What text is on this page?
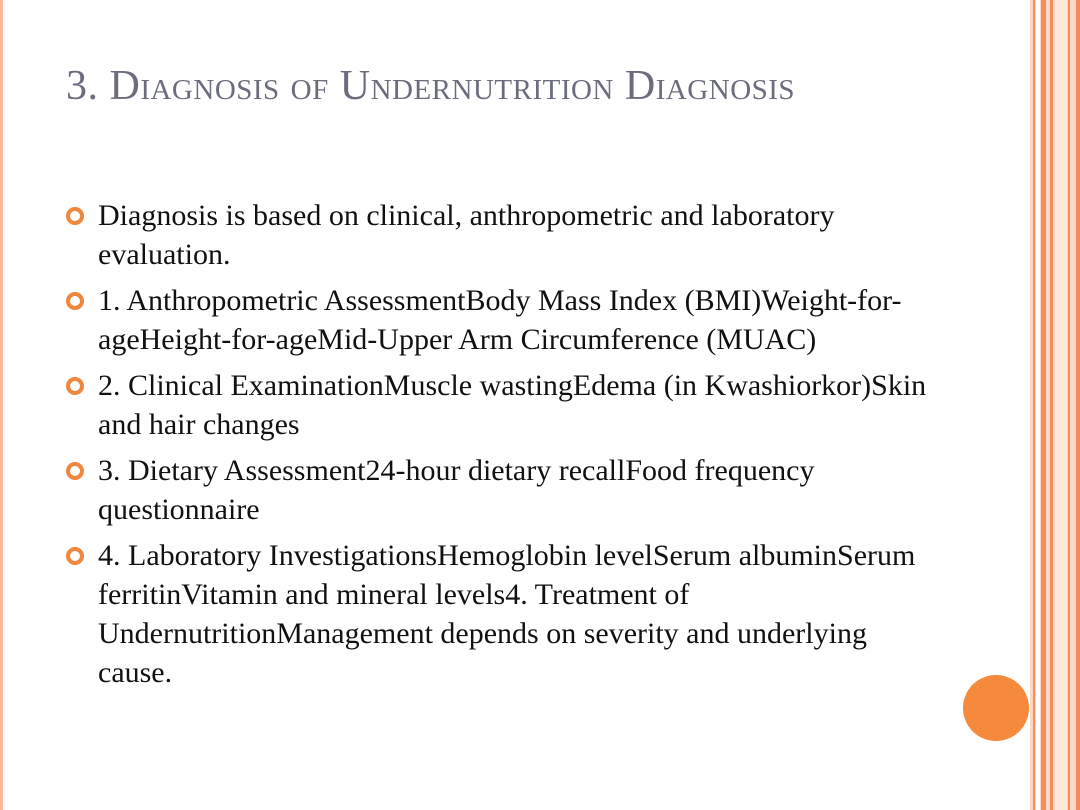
3. Diagnosis of Undernutrition Diagnosis
Diagnosis is based on clinical, anthropometric and laboratory evaluation.
1. Anthropometric AssessmentBody Mass Index (BMI)Weight-for-ageHeight-for-ageMid-Upper Arm Circumference (MUAC)
2. Clinical ExaminationMuscle wastingEdema (in Kwashiorkor)Skin and hair changes
3. Dietary Assessment24-hour dietary recallFood frequency questionnaire
4. Laboratory InvestigationsHemoglobin levelSerum albuminSerum ferritinVitamin and mineral levels4. Treatment of UndernutritionManagement depends on severity and underlying cause.
